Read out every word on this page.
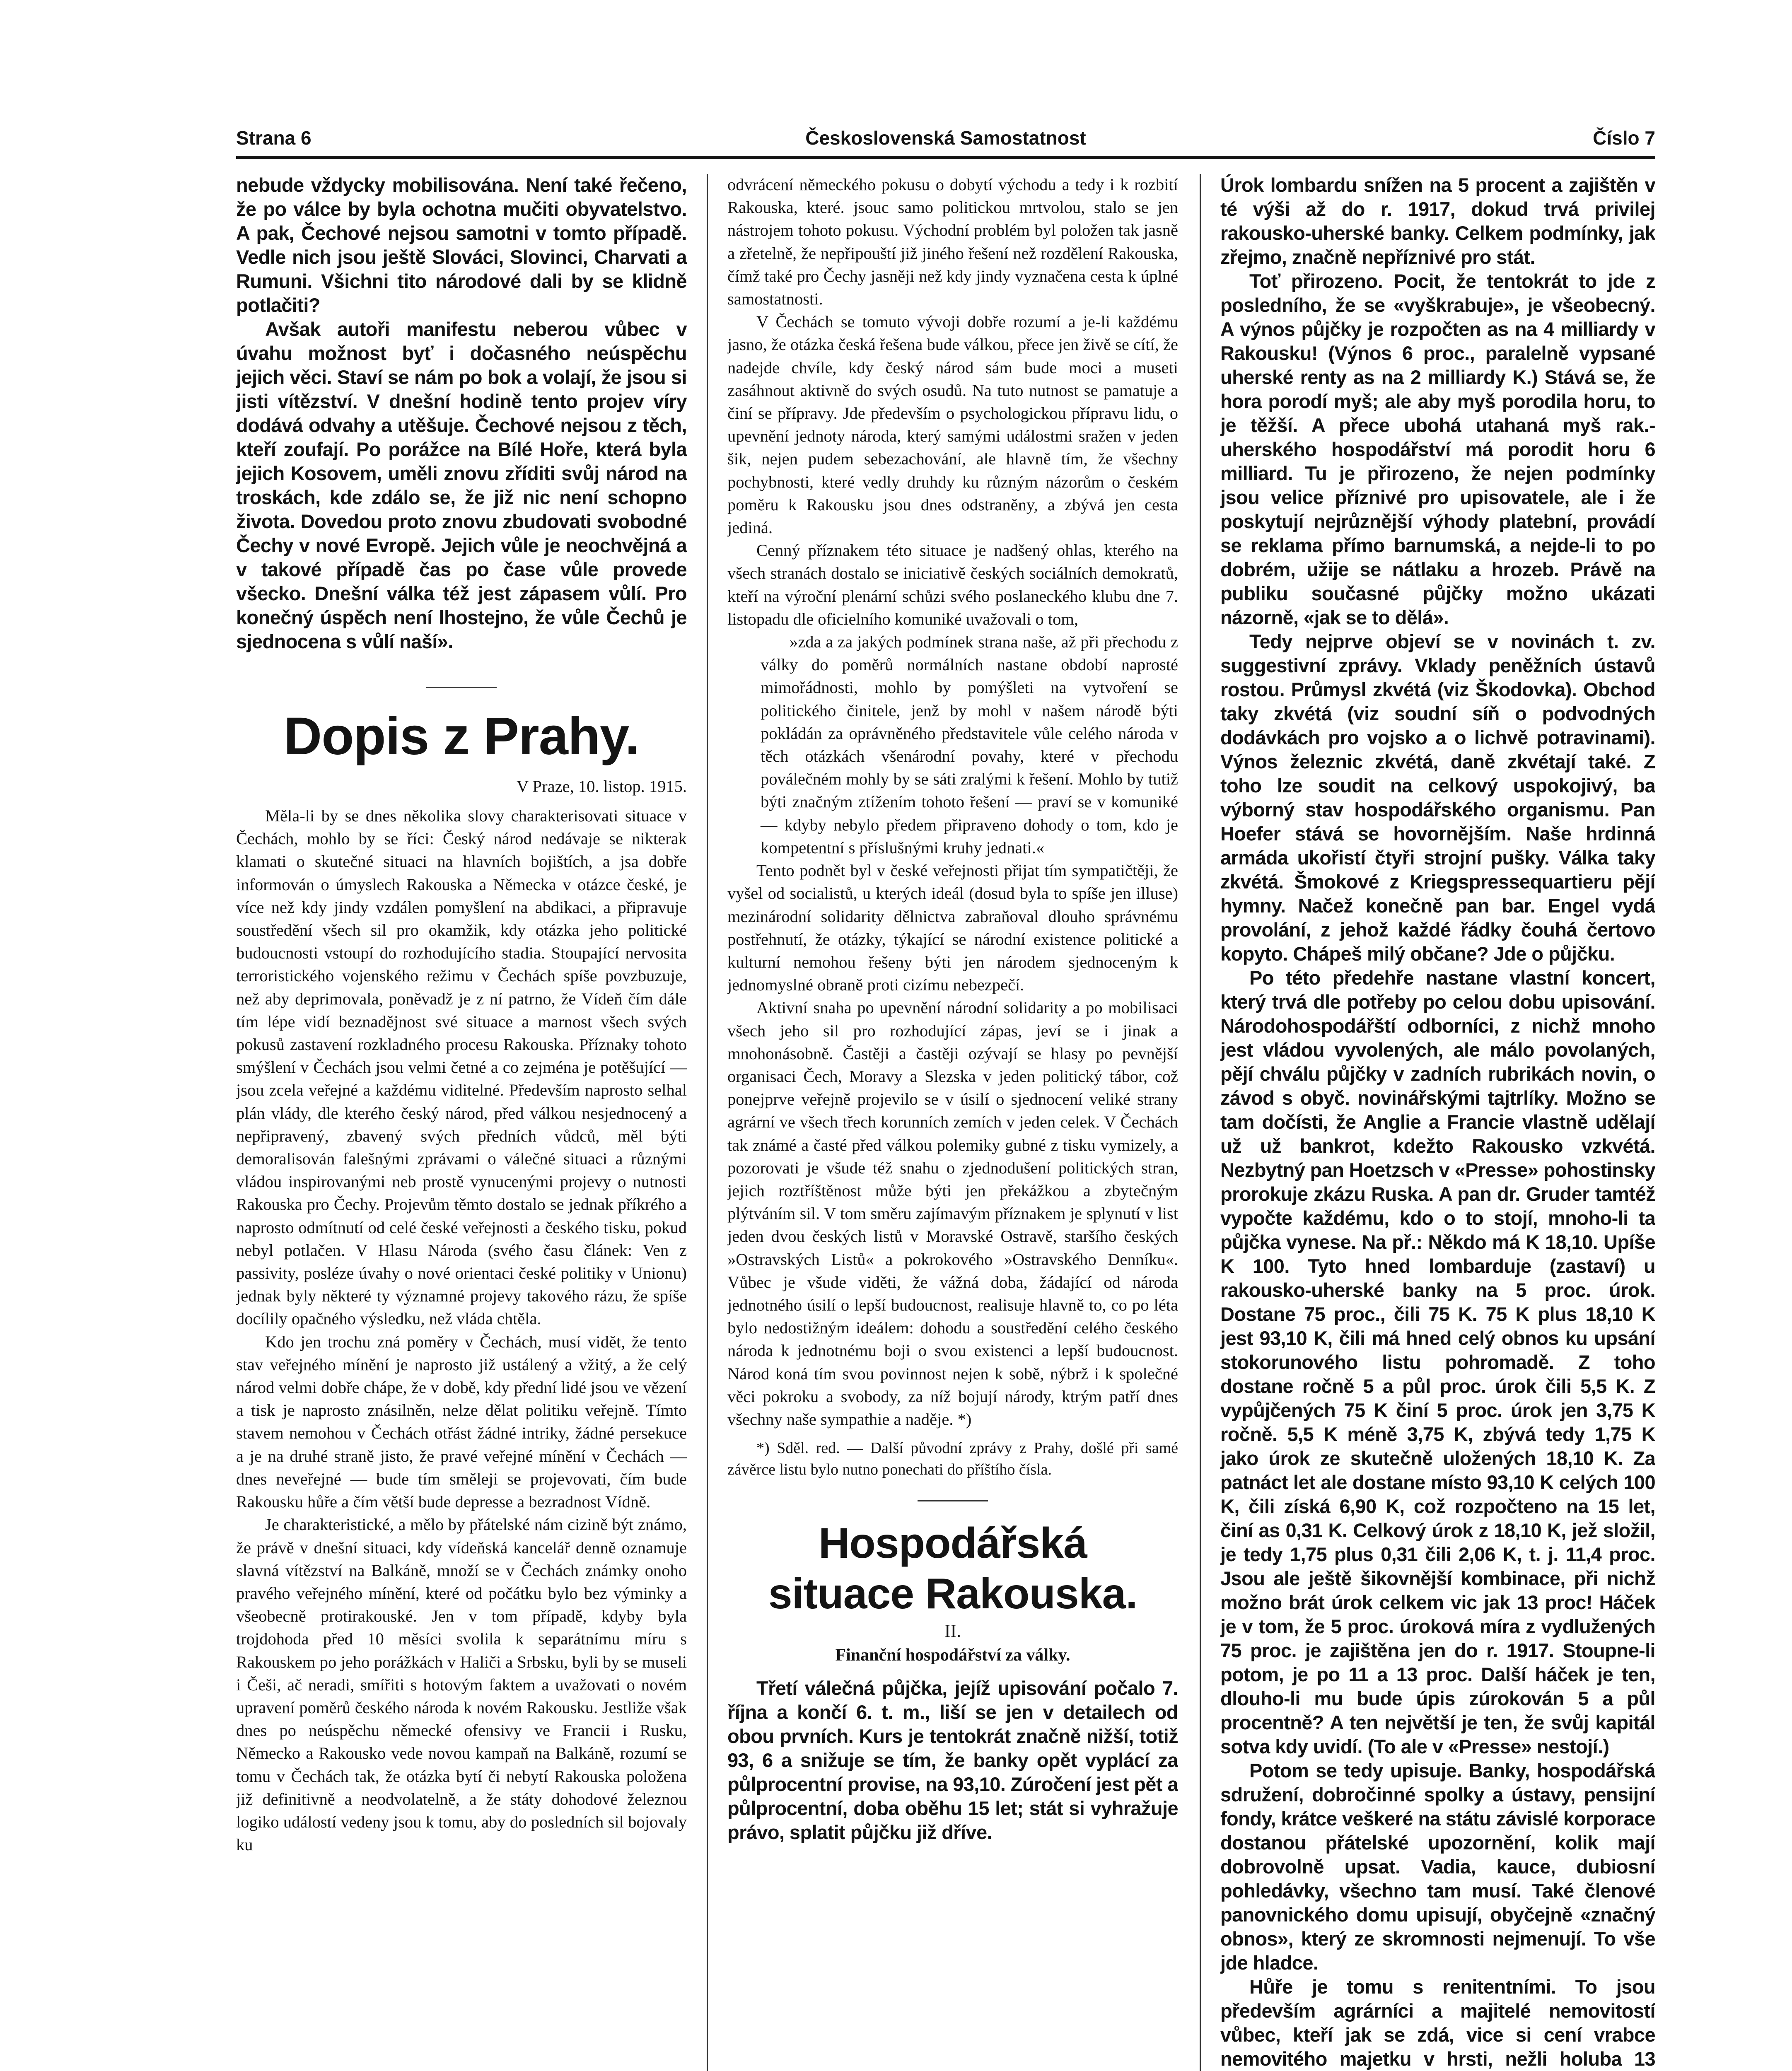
Strana 6	Československá Samostatnost	Číslo 7

nebude vždycky mobilisována. Není také řečeno, že po válce by byla ochotna mučiti obyvatelstvo. A pak, Čechové nejsou samotni v tomto případě. Vedle nich jsou ještě Slováci, Slovinci, Charvati a Rumuni. Všichni tito národové dali by se klidně potlačiti?

Avšak autoři manifestu neberou vůbec v úvahu možnost byť i dočasného neúspěchu jejich věci. Staví se nám po bok a volají, že jsou si jisti vítězství. V dnešní hodině tento projev víry dodává odvahy a utěšuje. Čechové nejsou z těch, kteří zoufají. Po porážce na Bílé Hoře, která byla jejich Kosovem, uměli znovu zříditi svůj národ na troskách, kde zdálo se, že již nic není schopno života. Dovedou proto znovu zbudovati svobodné Čechy v nové Evropě. Jejich vůle je neochvějná a v takové případě čas po čase vůle provede všecko. Dnešní válka též jest zápasem vůlí. Pro konečný úspěch není lhostejno, že vůle Čechů je sjednocena s vůlí naší».

Dopis z Prahy.

V Praze, 10. listop. 1915.

Měla-li by se dnes několika slovy charakterisovati situace v Čechách, mohlo by se říci: Český národ nedávaje se nikterak klamati o skutečné situaci na hlavních bojištích, a jsa dobře informován o úmyslech Rakouska a Německa v otázce české, je více než kdy jindy vzdálen pomyšlení na abdikaci, a připravuje soustředění všech sil pro okamžik, kdy otázka jeho politické budoucnosti vstoupí do rozhodujícího stadia. Stoupající nervosita terroristického vojenského režimu v Čechách spíše povzbuzuje, než aby deprimovala, poněvadž je z ní patrno, že Vídeň čím dále tím lépe vidí beznadějnost své situace a marnost všech svých pokusů zastavení rozkladného procesu Rakouska. Příznaky tohoto smýšlení v Čechách jsou velmi četné a co zejména je potěšující — jsou zcela veřejné a každému viditelné. Především naprosto selhal plán vlády, dle kterého český národ, před válkou nesjednocený a nepřipravený, zbavený svých předních vůdců, měl býti demoralisován falešnými zprávami o válečné situaci a různými vládou inspirovanými neb prostě vynucenými projevy o nutnosti Rakouska pro Čechy. Projevům těmto dostalo se jednak příkrého a naprosto odmítnutí od celé české veřejnosti a českého tisku, pokud nebyl potlačen. V Hlasu Národa (svého času článek: Ven z passivity, posléze úvahy o nové orientaci české politiky v Unionu) jednak byly některé ty významné projevy takového rázu, že spíše docílily opačného výsledku, než vláda chtěla.

Kdo jen trochu zná poměry v Čechách, musí vidět, že tento stav veřejného mínění je naprosto již ustálený a vžitý, a že celý národ velmi dobře chápe, že v době, kdy přední lidé jsou ve vězení a tisk je naprosto znásilněn, nelze dělat politiku veřejně. Tímto stavem nemohou v Čechách otřást žádné intriky, žádné persekuce a je na druhé straně jisto, že pravé veřejné mínění v Čechách — dnes neveřejné — bude tím směleji se projevovati, čím bude Rakousku hůře a čím větší bude depresse a bezradnost Vídně.

Je charakteristické, a mělo by přátelské nám cizině být známo, že právě v dnešní situaci, kdy vídeňská kancelář denně oznamuje slavná vítězství na Balkáně, množí se v Čechách známky onoho pravého veřejného mínění, které od počátku bylo bez výminky a všeobecně protirakouské. Jen v tom případě, kdyby byla trojdohoda před 10 měsíci svolila k separátnímu míru s Rakouskem po jeho porážkách v Haliči a Srbsku, byli by se museli i Češi, ač neradi, smířiti s hotovým faktem a uvažovati o novém upravení poměrů českého národa k novém Rakousku. Jestliže však dnes po neúspěchu německé ofensivy ve Francii i Rusku, Německo a Rakousko vede novou kampaň na Balkáně, rozumí se tomu v Čechách tak, že otázka bytí či nebytí Rakouska položena již definitivně a neodvolatelně, a že státy dohodové železnou logiko událostí vedeny jsou k tomu, aby do posledních sil bojovaly ku

odvrácení německého pokusu o dobytí východu a tedy i k rozbití Rakouska, které. jsouc samo politickou mrtvolou, stalo se jen nástrojem tohoto pokusu. Východní problém byl položen tak jasně a zřetelně, že nepřipouští již jiného řešení než rozdělení Rakouska, čímž také pro Čechy jasněji než kdy jindy vyznačena cesta k úplné samostatnosti.

V Čechách se tomuto vývoji dobře rozumí a je-li každému jasno, že otázka česká řešena bude válkou, přece jen živě se cítí, že nadejde chvíle, kdy český národ sám bude moci a museti zasáhnout aktivně do svých osudů. Na tuto nutnost se pamatuje a činí se přípravy. Jde především o psychologickou přípravu lidu, o upevnění jednoty národa, který samými událostmi sražen v jeden šik, nejen pudem sebezachování, ale hlavně tím, že všechny pochybnosti, které vedly druhdy ku různým názorům o českém poměru k Rakousku jsou dnes odstraněny, a zbývá jen cesta jediná.

Cenný příznakem této situace je nadšený ohlas, kterého na všech stranách dostalo se iniciativě českých sociálních demokratů, kteří na výroční plenární schůzi svého poslaneckého klubu dne 7. listopadu dle oficielního komuniké uvažovali o tom,

»zda a za jakých podmínek strana naše, až při přechodu z války do poměrů normálních nastane období naprosté mimořádnosti, mohlo by pomýšleti na vytvoření se politického činitele, jenž by mohl v našem národě býti pokládán za oprávněného představitele vůle celého národa v těch otázkách všenárodní povahy, které v přechodu poválečném mohly by se sáti zralými k řešení. Mohlo by tutiž býti značným ztížením tohoto řešení — praví se v komuniké — kdyby nebylo předem připraveno dohody o tom, kdo je kompetentní s příslušnými kruhy jednati.«

Tento podnět byl v české veřejnosti přijat tím sympatičtěji, že vyšel od socialistů, u kterých ideál (dosud byla to spíše jen illuse) mezinárodní solidarity dělnictva zabraňoval dlouho správnému postřehnutí, že otázky, týkající se národní existence politické a kulturní nemohou řešeny býti jen národem sjednoceným k jednomyslné obraně proti cizímu nebezpečí.

Aktivní snaha po upevnění národní solidarity a po mobilisaci všech jeho sil pro rozhodující zápas, jeví se i jinak a mnohonásobně. Častěji a častěji ozývají se hlasy po pevnější organisaci Čech, Moravy a Slezska v jeden politický tábor, což ponejprve veřejně projevilo se v úsilí o sjednocení veliké strany agrární ve všech třech korunních zemích v jeden celek. V Čechách tak známé a časté před válkou polemiky gubné z tisku vymizely, a pozorovati je všude též snahu o zjednodušení politických stran, jejich roztříštěnost může býti jen překážkou a zbytečným plýtváním sil. V tom směru zajímavým příznakem je splynutí v list jeden dvou českých listů v Moravské Ostravě, staršího českých »Ostravských Listů« a pokrokového »Ostravského Denníku«. Vůbec je všude viděti, že vážná doba, žádající od národa jednotného úsilí o lepší budoucnost, realisuje hlavně to, co po léta bylo nedostižným ideálem: dohodu a soustředění celého českého národa k jednotnému boji o svou existenci a lepší budoucnost. Národ koná tím svou povinnost nejen k sobě, nýbrž i k společné věci pokroku a svobody, za níž bojují národy, ktrým patří dnes všechny naše sympathie a naděje. *)

*) Sděl. red. — Další původní zprávy z Prahy, došlé při samé závěrce listu bylo nutno ponechati do příštího čísla.

Hospodářská
situace Rakouska.

II.

Finanční hospodářství za války.

Třetí válečná půjčka, jejíž upisování počalo 7. října a končí 6. t. m., liší se jen v detailech od obou prvních. Kurs je tentokrát značně nižší, totiž 93, 6 a snižuje se tím, že banky opět vyplácí za půlprocentní provise, na 93,10. Zúročení jest pět a půlprocentní, doba oběhu 15 let; stát si vyhražuje právo, splatit půjčku již dříve.

Úrok lombardu snížen na 5 procent a zajištěn v té výši až do r. 1917, dokud trvá privilej rakousko-uherské banky. Celkem podmínky, jak zřejmo, značně nepříznivé pro stát.

Toť přirozeno. Pocit, že tentokrát to jde z posledního, že se «vyškrabuje», je všeobecný. A výnos půjčky je rozpočten as na 4 milliardy v Rakousku! (Výnos 6 proc., paralelně vypsané uherské renty as na 2 milliardy K.) Stává se, že hora porodí myš; ale aby myš porodila horu, to je těžší. A přece ubohá utahaná myš rak.-uherského hospodářství má porodit horu 6 milliard. Tu je přirozeno, že nejen podmínky jsou velice příznivé pro upisovatele, ale i že poskytují nejrůznější výhody platební, provádí se reklama přímo barnumská, a nejde-li to po dobrém, užije se nátlaku a hrozeb. Právě na publiku současné půjčky možno ukázati názorně, «jak se to dělá».

Tedy nejprve objeví se v novinách t. zv. suggestivní zprávy. Vklady peněžních ústavů rostou. Průmysl zkvétá (viz Škodovka). Obchod taky zkvétá (viz soudní síň o podvodných dodávkách pro vojsko a o lichvě potravinami). Výnos železnic zkvétá, daně zkvétají také. Z toho lze soudit na celkový uspokojivý, ba výborný stav hospodářského organismu. Pan Hoefer stává se hovornějším. Naše hrdinná armáda ukořistí čtyři strojní pušky. Válka taky zkvétá. Šmokové z Kriegspressequartieru pějí hymny. Načež konečně pan bar. Engel vydá provolání, z jehož každé řádky čouhá čertovo kopyto. Chápeš milý občane? Jde o půjčku.

Po této předehře nastane vlastní koncert, který trvá dle potřeby po celou dobu upisování. Národohospodářští odborníci, z nichž mnoho jest vládou vyvolených, ale málo povolaných, pějí chválu půjčky v zadních rubrikách novin, o závod s obyč. novinářskými tajtrlíky. Možno se tam dočísti, že Anglie a Francie vlastně udělají už už bankrot, kdežto Rakousko vzkvétá. Nezbytný pan Hoetzsch v «Presse» pohostinsky prorokuje zkázu Ruska. A pan dr. Gruder tamtéž vypočte každému, kdo o to stojí, mnoho-li ta půjčka vynese. Na př.: Někdo má K 18,10. Upíše K 100. Tyto hned lombarduje (zastaví) u rakousko-uherské banky na 5 proc. úrok. Dostane 75 proc., čili 75 K. 75 K plus 18,10 K jest 93,10 K, čili má hned celý obnos ku upsání stokorunového listu pohromadě. Z toho dostane ročně 5 a půl proc. úrok čili 5,5 K. Z vypůjčených 75 K činí 5 proc. úrok jen 3,75 K ročně. 5,5 K méně 3,75 K, zbývá tedy 1,75 K jako úrok ze skutečně uložených 18,10 K. Za patnáct let ale dostane místo 93,10 K celých 100 K, čili získá 6,90 K, což rozpočteno na 15 let, činí as 0,31 K. Celkový úrok z 18,10 K, jež složil, je tedy 1,75 plus 0,31 čili 2,06 K, t. j. 11,4 proc. Jsou ale ještě šikovnější kombinace, při nichž možno brát úrok celkem vic jak 13 proc! Háček je v tom, že 5 proc. úroková míra z vydlužených 75 proc. je zajištěna jen do r. 1917. Stoupne-li potom, je po 11 a 13 proc. Další háček je ten, dlouho-li mu bude úpis zúrokován 5 a půl procentně? A ten největší je ten, že svůj kapitál sotva kdy uvidí. (To ale v «Presse» nestojí.)

Potom se tedy upisuje. Banky, hospodářská sdružení, dobročinné spolky a ústavy, pensijní fondy, krátce veškeré na státu závislé korporace dostanou přátelské upozornění, kolik mají dobrovolně upsat. Vadia, kauce, dubiosní pohledávky, všechno tam musí. Také členové panovnického domu upisují, obyčejně «značný obnos», který ze skromnosti nejmenují. To vše jde hladce.

Hůře je tomu s renitentními. To jsou především agrárníci a majitelé nemovitostí vůbec, kteří jak se zdá, vice si cení vrabce nemovitého majetku v hrsti, nežli holuba 13
